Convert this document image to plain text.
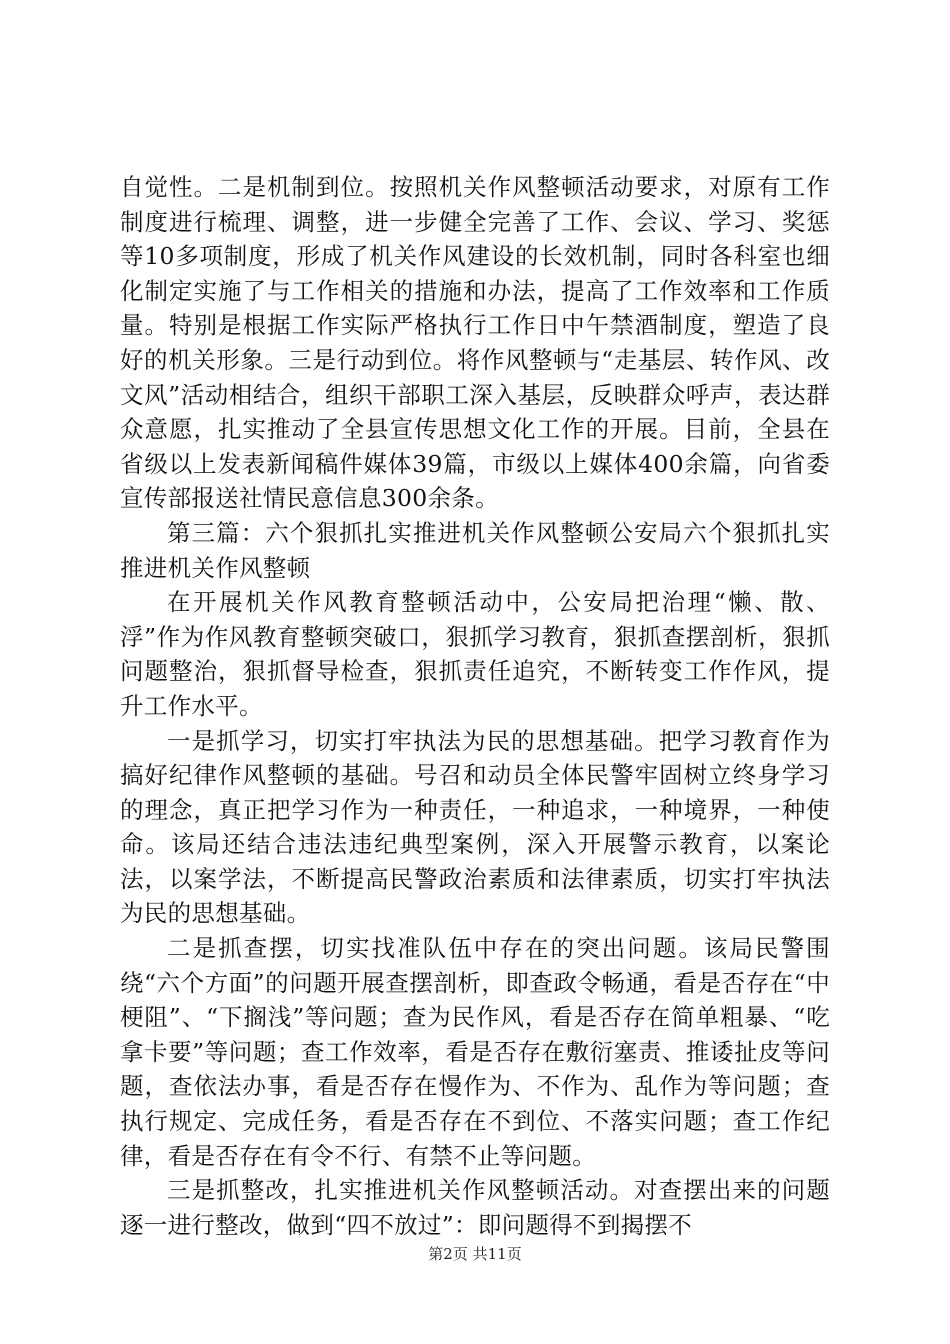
自觉性。二是机制到位。按照机关作风整顿活动要求，对原有工作制度进行梳理、调整，进一步健全完善了工作、会议、学习、奖惩等10多项制度，形成了机关作风建设的长效机制，同时各科室也细化制定实施了与工作相关的措施和办法，提高了工作效率和工作质量。特别是根据工作实际严格执行工作日中午禁酒制度，塑造了良好的机关形象。三是行动到位。将作风整顿与“走基层、转作风、改文风”活动相结合，组织干部职工深入基层，反映群众呼声，表达群众意愿，扎实推动了全县宣传思想文化工作的开展。目前，全县在省级以上发表新闻稿件媒体39篇，市级以上媒体400余篇，向省委宣传部报送社情民意信息300余条。

第三篇：六个狠抓扎实推进机关作风整顿公安局六个狠抓扎实推进机关作风整顿

在开展机关作风教育整顿活动中，公安局把治理“懒、散、浮”作为作风教育整顿突破口，狠抓学习教育，狠抓查摆剖析，狠抓问题整治，狠抓督导检查，狠抓责任追究，不断转变工作作风，提升工作水平。

一是抓学习，切实打牢执法为民的思想基础。把学习教育作为搞好纪律作风整顿的基础。号召和动员全体民警牢固树立终身学习的理念，真正把学习作为一种责任，一种追求，一种境界，一种使命。该局还结合违法违纪典型案例，深入开展警示教育，以案论法，以案学法，不断提高民警政治素质和法律素质，切实打牢执法为民的思想基础。

二是抓查摆，切实找准队伍中存在的突出问题。该局民警围绕“六个方面”的问题开展查摆剖析，即查政令畅通，看是否存在“中梗阻”、“下搁浅”等问题；查为民作风，看是否存在简单粗暴、“吃拿卡要”等问题；查工作效率，看是否存在敷衍塞责、推诿扯皮等问题，查依法办事，看是否存在慢作为、不作为、乱作为等问题；查执行规定、完成任务，看是否存在不到位、不落实问题；查工作纪律，看是否存在有令不行、有禁不止等问题。

三是抓整改，扎实推进机关作风整顿活动。对查摆出来的问题逐一进行整改，做到“四不放过”：即问题得不到揭摆不

第2页 共11页
